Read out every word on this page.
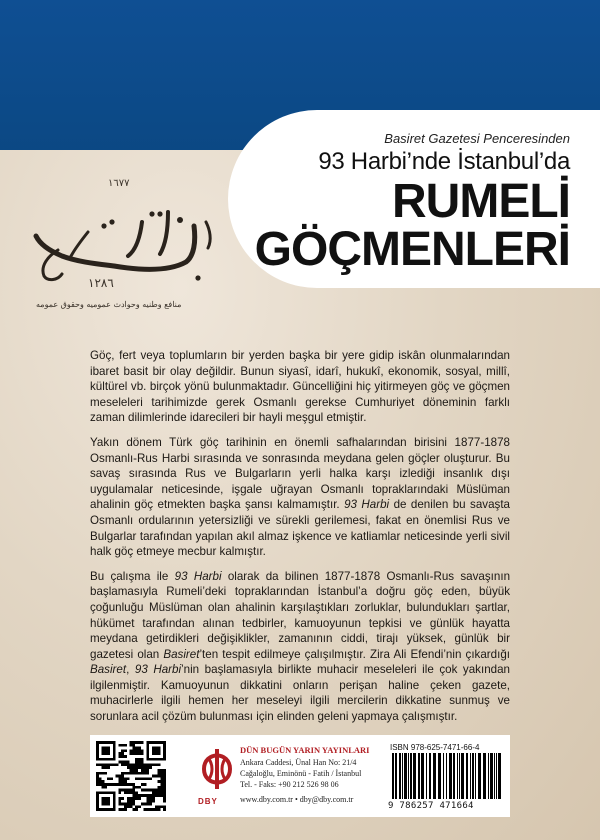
Basiret Gazetesi Penceresinden
93 Harbi’nde İstanbul’da
RUMELİ
GÖÇMENLERİ
۱٦٧٧
۱۲۸٦
منافع وطنيه وحوادث عموميه وحقوق عمومه

Göç, fert veya toplumların bir yerden başka bir yere gidip iskân olunmalarından ibaret basit bir olay değildir. Bunun siyasî, idarî, hukukî, ekonomik, sosyal, millî, kültürel vb. birçok yönü bulunmaktadır. Güncelliğini hiç yitirmeyen göç ve göçmen meseleleri tarihimizde gerek Osmanlı gerekse Cumhuriyet döneminin farklı zaman dilimlerinde idarecileri bir hayli meşgul etmiştir.

Yakın dönem Türk göç tarihinin en önemli safhalarından birisini 1877-1878 Osmanlı-Rus Harbi sırasında ve sonrasında meydana gelen göçler oluşturur. Bu savaş sırasında Rus ve Bulgarların yerli halka karşı izlediği insanlık dışı uygulamalar neticesinde, işgale uğrayan Osmanlı topraklarındaki Müslüman ahalinin göç etmekten başka şansı kalmamıştır. 93 Harbi de denilen bu savaşta Osmanlı ordularının yetersizliği ve sürekli gerilemesi, fakat en önemlisi Rus ve Bulgarlar tarafından yapılan akıl almaz işkence ve katliamlar neticesinde yerli sivil halk göç etmeye mecbur kalmıştır.

Bu çalışma ile 93 Harbi olarak da bilinen 1877-1878 Osmanlı-Rus savaşının başlamasıyla Rumeli’deki topraklarından İstanbul’a doğru göç eden, büyük çoğunluğu Müslüman olan ahalinin karşılaştıkları zorluklar, bulundukları şartlar, hükümet tarafından alınan tedbirler, kamuoyunun tepkisi ve günlük hayatta meydana getirdikleri değişiklikler, zamanının ciddi, tirajı yüksek, günlük bir gazetesi olan Basiret’ten tespit edilmeye çalışılmıştır. Zira Ali Efendi’nin çıkardığı Basiret, 93 Harbi’nin başlamasıyla birlikte muhacir meseleleri ile çok yakından ilgilenmiştir. Kamuoyunun dikkatini onların perişan haline çeken gazete, muhacirlerle ilgili hemen her meseleyi ilgili mercilerin dikkatine sunmuş ve sorunlara acil çözüm bulunması için elinden geleni yapmaya çalışmıştır.

DBY
DÜN BUGÜN YARIN YAYINLARI
Ankara Caddesi, Ünal Han No: 21/4
Cağaloğlu, Eminönü - Fatih / İstanbul
Tel. - Faks: +90 212 526 98 06
www.dby.com.tr • dby@dby.com.tr
ISBN 978-625-7471-66-4
9 786257 471664
